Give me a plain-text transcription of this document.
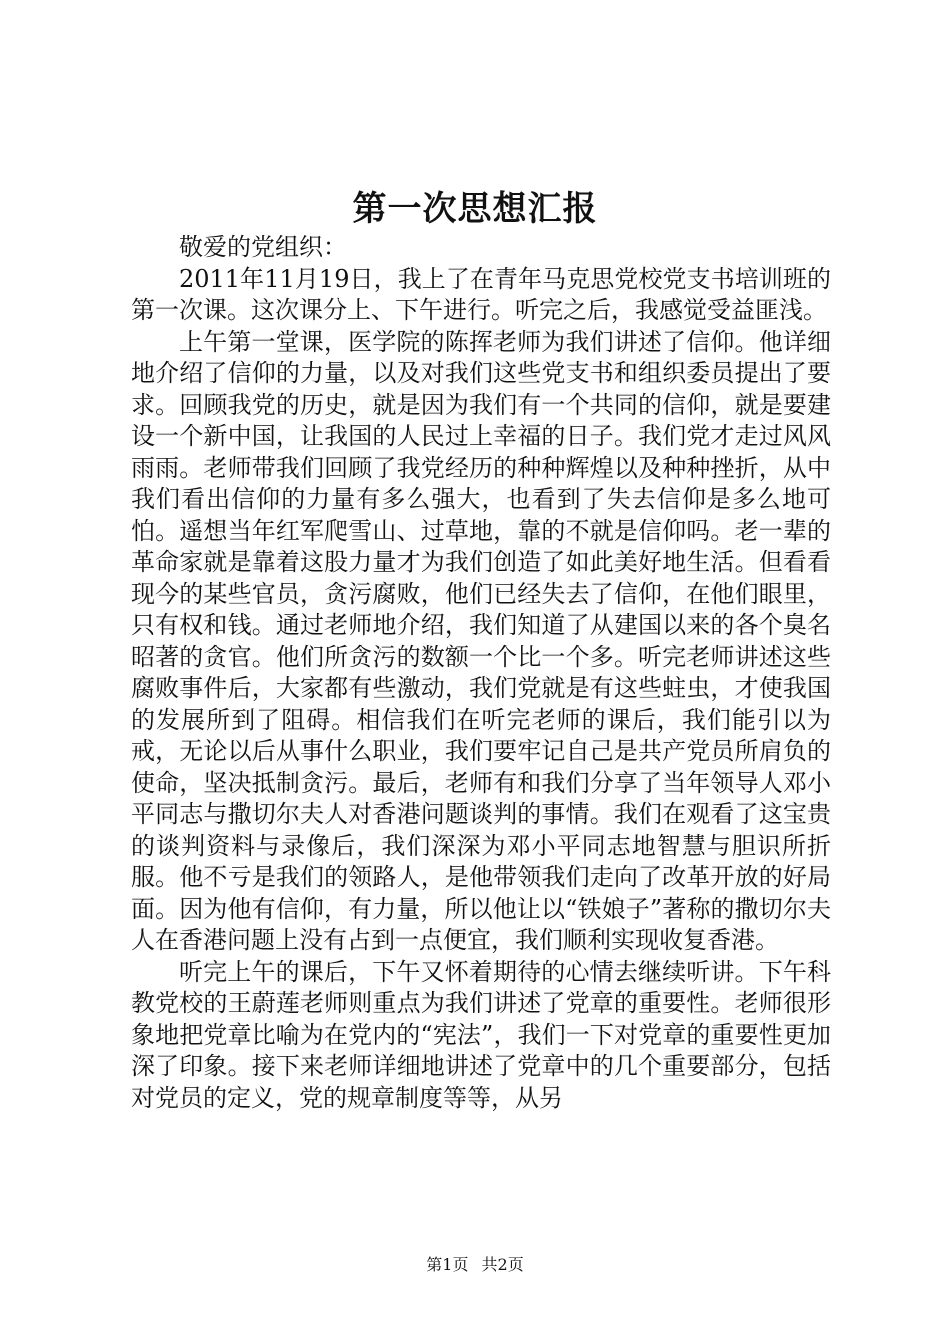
第一次思想汇报

敬爱的党组织：

2011年11月19日，我上了在青年马克思党校党支书培训班的第一次课。这次课分上、下午进行。听完之后，我感觉受益匪浅。

上午第一堂课，医学院的陈挥老师为我们讲述了信仰。他详细地介绍了信仰的力量，以及对我们这些党支书和组织委员提出了要求。回顾我党的历史，就是因为我们有一个共同的信仰，就是要建设一个新中国，让我国的人民过上幸福的日子。我们党才走过风风雨雨。老师带我们回顾了我党经历的种种辉煌以及种种挫折，从中我们看出信仰的力量有多么强大，也看到了失去信仰是多么地可怕。遥想当年红军爬雪山、过草地，靠的不就是信仰吗。老一辈的革命家就是靠着这股力量才为我们创造了如此美好地生活。但看看现今的某些官员，贪污腐败，他们已经失去了信仰，在他们眼里，只有权和钱。通过老师地介绍，我们知道了从建国以来的各个臭名昭著的贪官。他们所贪污的数额一个比一个多。听完老师讲述这些腐败事件后，大家都有些激动，我们党就是有这些蛀虫，才使我国的发展所到了阻碍。相信我们在听完老师的课后，我们能引以为戒，无论以后从事什么职业，我们要牢记自己是共产党员所肩负的使命，坚决抵制贪污。最后，老师有和我们分享了当年领导人邓小平同志与撒切尔夫人对香港问题谈判的事情。我们在观看了这宝贵的谈判资料与录像后，我们深深为邓小平同志地智慧与胆识所折服。他不亏是我们的领路人，是他带领我们走向了改革开放的好局面。因为他有信仰，有力量，所以他让以“铁娘子”著称的撒切尔夫人在香港问题上没有占到一点便宜，我们顺利实现收复香港。

听完上午的课后，下午又怀着期待的心情去继续听讲。下午科教党校的王蔚莲老师则重点为我们讲述了党章的重要性。老师很形象地把党章比喻为在党内的“宪法”，我们一下对党章的重要性更加深了印象。接下来老师详细地讲述了党章中的几个重要部分，包括对党员的定义，党的规章制度等等，从另

第1页 共2页
